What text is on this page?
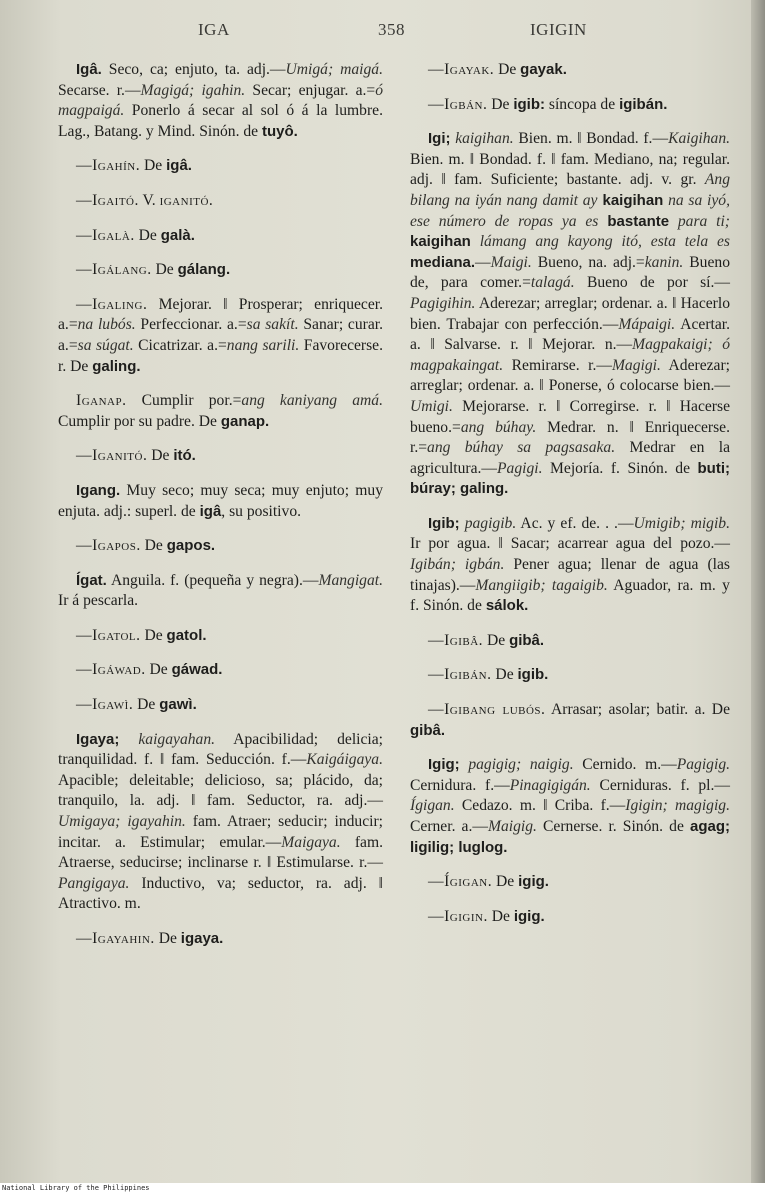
IGA	358	IGIGIN

Igâ. Seco, ca; enjuto, ta. adj.—Umigá; maigá. Secarse. r.—Magigá; igahin. Secar; enjugar. a.=ó magpaigá. Ponerlo á secar al sol ó á la lumbre. Lag., Batang. y Mind. Sinón. de tuyô.

—Igahín. De igâ.

—Igaitó. V. iganitó.

—Igalà. De galà.

—Igálang. De gálang.

—Igaling. Mejorar. ‖ Prosperar; enriquecer. a.=na lubós. Perfeccionar. a.=sa sakít. Sanar; curar. a.=sa súgat. Cicatrizar. a.=nang sarili. Favorecerse. r. De galing.

Iganap. Cumplir por.=ang kaniyang amá. Cumplir por su padre. De ganap.

—Iganitó. De itó.

Igang. Muy seco; muy seca; muy enjuto; muy enjuta. adj.: superl. de igâ, su positivo.

—Igapos. De gapos.

Ígat. Anguila. f. (pequeña y negra).—Mangigat. Ir á pescarla.

—Igatol. De gatol.

—Igáwad. De gáwad.

—Igawì. De gawì.

Igaya; kaigayahan. Apacibilidad; delicia; tranquilidad. f. ‖ fam. Seducción. f.—Kaigáigaya. Apacible; deleitable; delicioso, sa; plácido, da; tranquilo, la. adj. ‖ fam. Seductor, ra. adj.—Umigaya; igayahin. fam. Atraer; seducir; inducir; incitar. a. Estimular; emular.—Maigaya. fam. Atraerse, seducirse; inclinarse r. ‖ Estimularse. r.—Pangigaya. Inductivo, va; seductor, ra. adj. ‖ Atractivo. m.

—Igayahin. De igaya.

—Igayak. De gayak.

—Igbán. De igib: síncopa de igibán.

Igi; kaigihan. Bien. m. ‖ Bondad. f.—Kaigihan. Bien. m. ‖ Bondad. f. ‖ fam. Mediano, na; regular. adj. ‖ fam. Suficiente; bastante. adj. v. gr. Ang bilang na iyán nang damit ay kaigihan na sa iyó, ese número de ropas ya es bastante para ti; kaigihan lámang ang kayong itó, esta tela es mediana.—Maigi. Bueno, na. adj.=kanin. Bueno de, para comer.=talagá. Bueno de por sí.—Pagigihin. Aderezar; arreglar; ordenar. a. ‖ Hacerlo bien. Trabajar con perfección.—Mápaigi. Acertar. a. ‖ Salvarse. r. ‖ Mejorar. n.—Magpakaigi; ó magpakaingat. Remirarse. r.—Magigi. Aderezar; arreglar; ordenar. a. ‖ Ponerse, ó colocarse bien.—Umigi. Mejorarse. r. ‖ Corregirse. r. ‖ Hacerse bueno.=ang búhay. Medrar. n. ‖ Enriquecerse. r.=ang búhay sa pagsasaka. Medrar en la agricultura.—Pagigi. Mejoría. f. Sinón. de buti; búray; galing.

Igib; pagigib. Ac. y ef. de. . .—Umigib; migib. Ir por agua. ‖ Sacar; acarrear agua del pozo.—Igibán; igbán. Pener agua; llenar de agua (las tinajas).—Mangiigib; tagaigib. Aguador, ra. m. y f. Sinón. de sálok.

—Igibâ. De gibâ.

—Igibán. De igib.

—Igibang lubós. Arrasar; asolar; batir. a. De gibâ.

Igig; pagigig; naigig. Cernido. m.—Pagigig. Cernidura. f.—Pinagigigán. Cerniduras. f. pl.—Ígigan. Cedazo. m. ‖ Criba. f.—Igigin; magigig. Cerner. a.—Maigig. Cernerse. r. Sinón. de agag; ligilig; luglog.

—Ígigan. De igig.

—Igigin. De igig.

National Library of the Philippines
